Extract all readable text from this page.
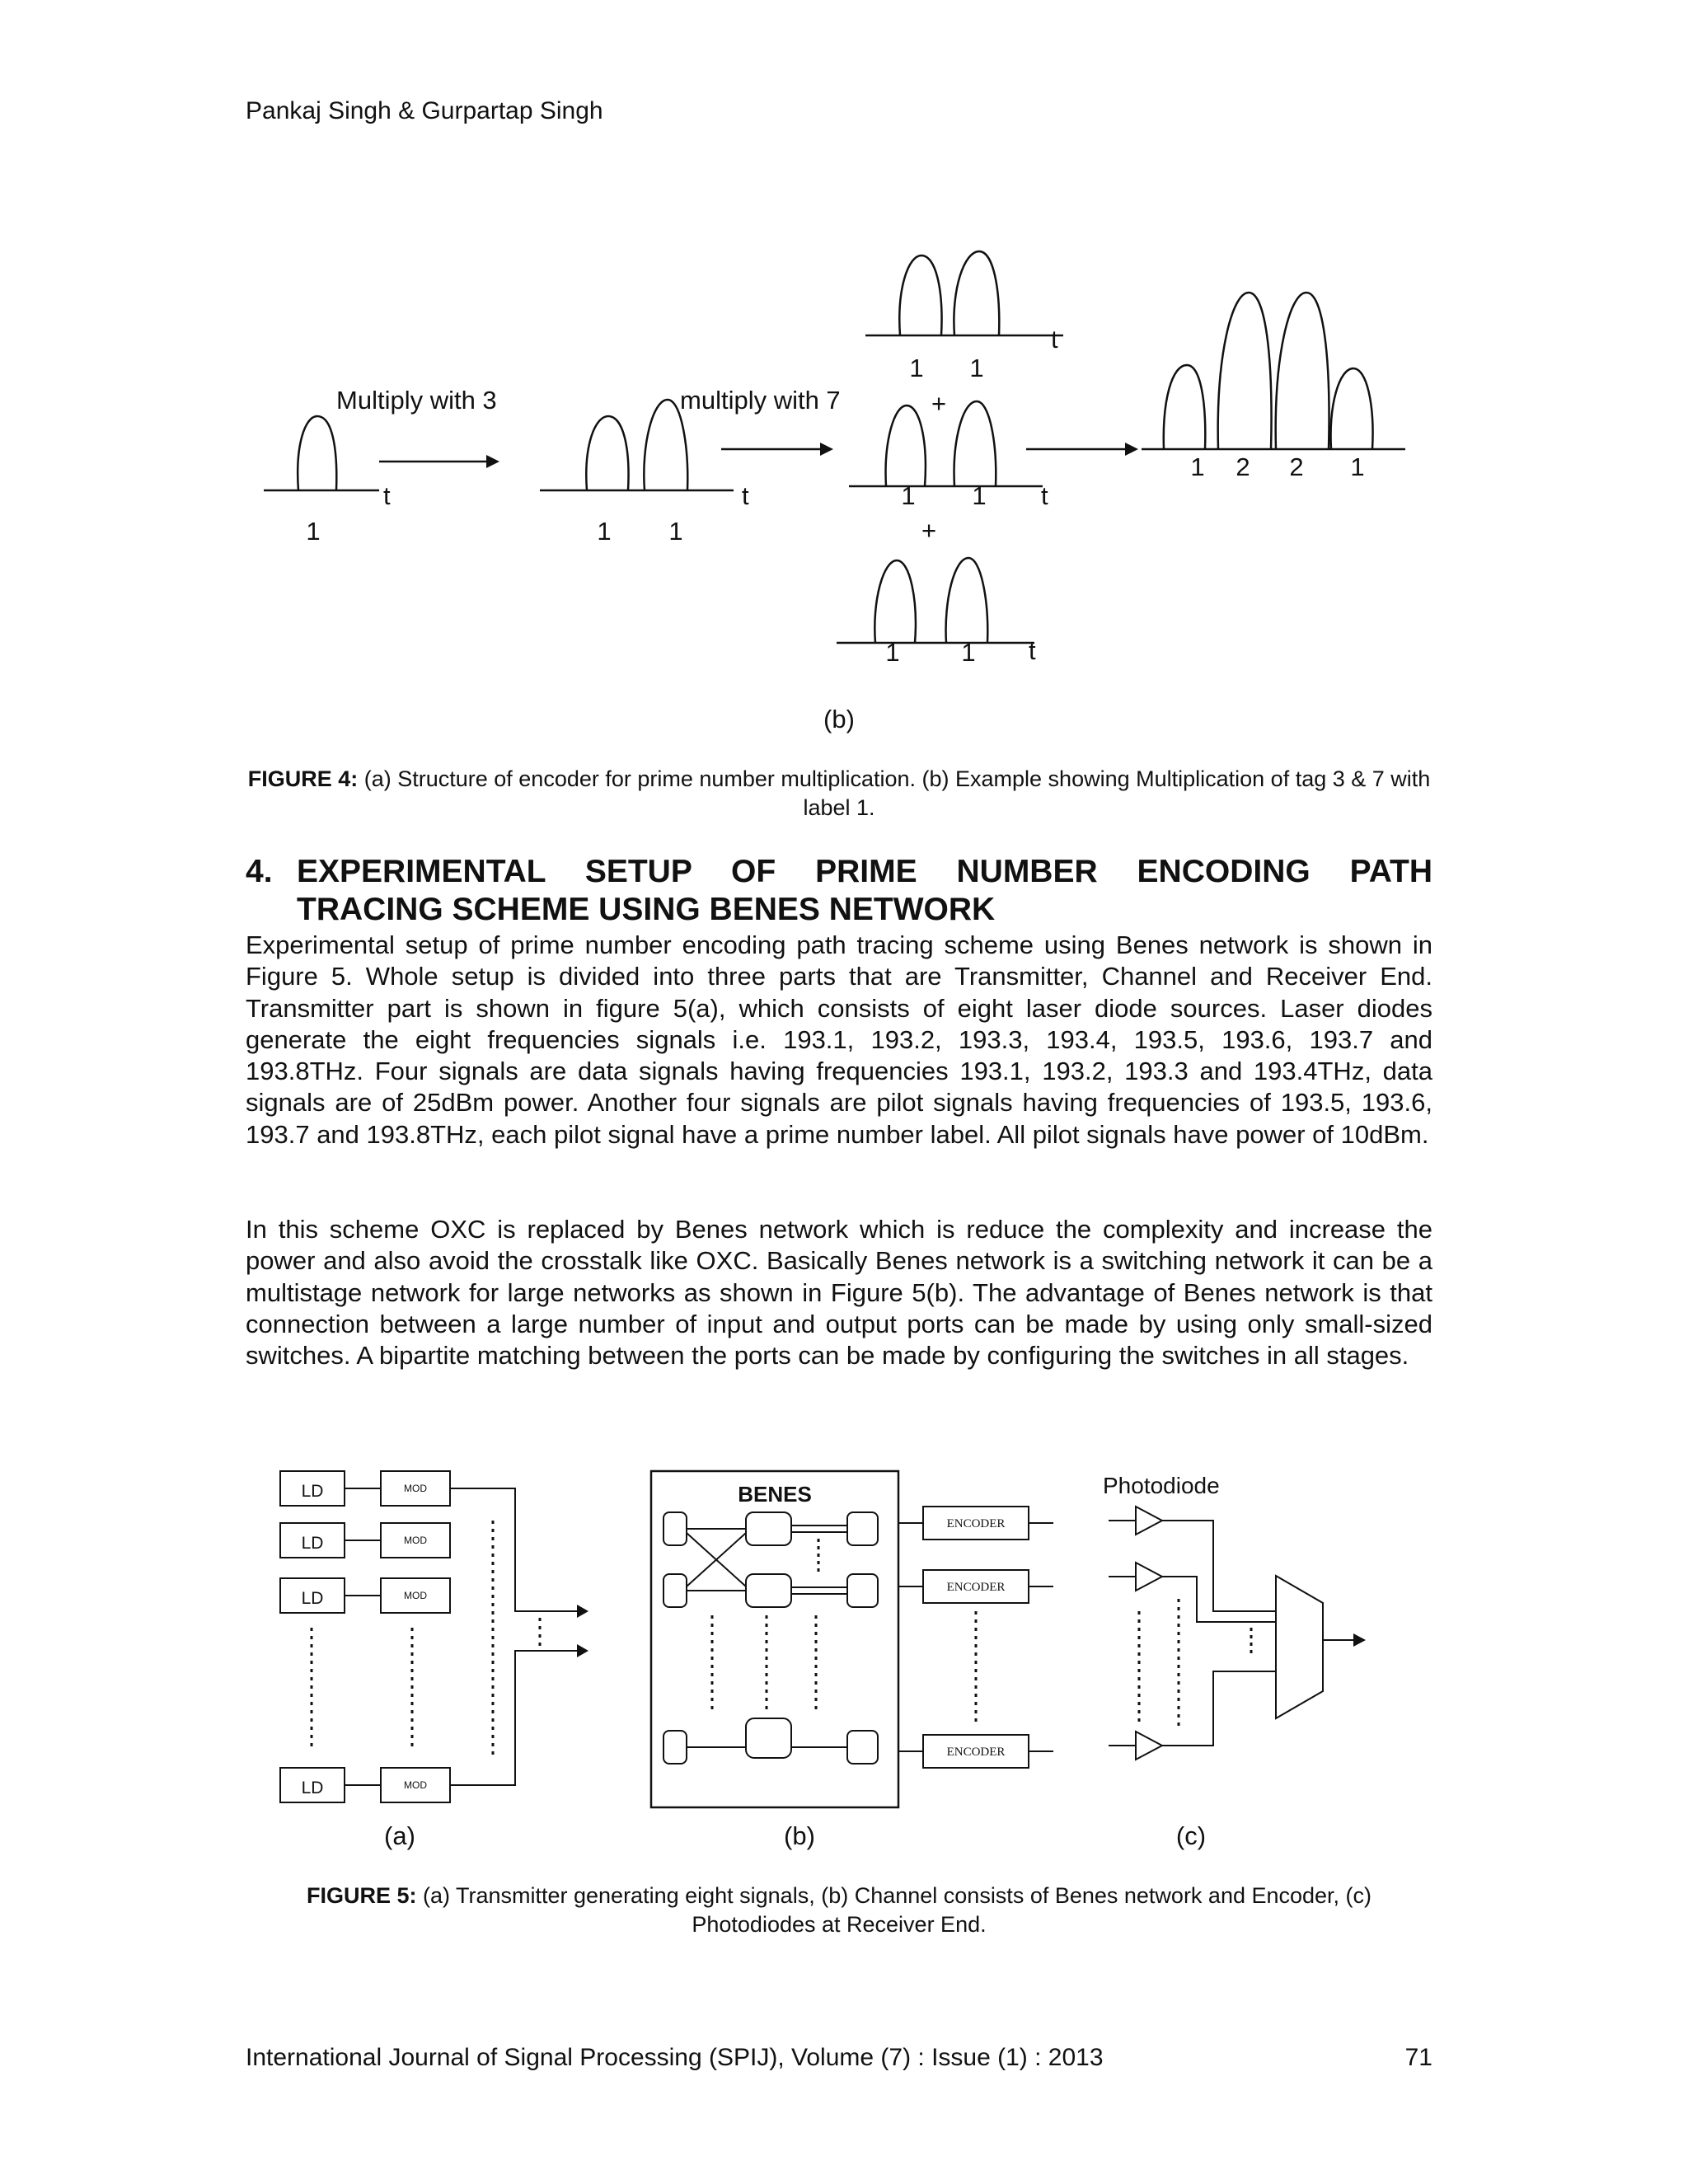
Pankaj Singh & Gurpartap Singh
Multiply with 3	multiply with 7
t	t
t
t
t
+
+
1	1 1
1 1
1 1
1 1
1 2 2 1
(b)
FIGURE 4: (a) Structure of encoder for prime number multiplication. (b) Example showing Multiplication of tag 3 & 7 with label 1.
4. EXPERIMENTAL SETUP OF PRIME NUMBER ENCODING PATH
TRACING SCHEME USING BENES NETWORK
Experimental setup of prime number encoding path tracing scheme using Benes network is shown in Figure 5. Whole setup is divided into three parts that are Transmitter, Channel and Receiver End. Transmitter part is shown in figure 5(a), which consists of eight laser diode sources. Laser diodes generate the eight frequencies signals i.e. 193.1, 193.2, 193.3, 193.4, 193.5, 193.6, 193.7 and 193.8THz. Four signals are data signals having frequencies 193.1, 193.2, 193.3 and 193.4THz, data signals are of 25dBm power. Another four signals are pilot signals having frequencies of 193.5, 193.6, 193.7 and 193.8THz, each pilot signal have a prime number label. All pilot signals have power of 10dBm.
In this scheme OXC is replaced by Benes network which is reduce the complexity and increase the power and also avoid the crosstalk like OXC. Basically Benes network is a switching network it can be a multistage network for large networks as shown in Figure 5(b). The advantage of Benes network is that connection between a large number of input and output ports can be made by using only small-sized switches. A bipartite matching between the ports can be made by configuring the switches in all stages.
LD
LD
LD
LD
MOD
MOD
MOD
MOD
BENES
ENCODER
ENCODER
ENCODER
Photodiode
(a)	(b)	(c)
FIGURE 5: (a) Transmitter generating eight signals, (b) Channel consists of Benes network and Encoder, (c) Photodiodes at Receiver End.
International Journal of Signal Processing (SPIJ), Volume (7) : Issue (1) : 2013	71
